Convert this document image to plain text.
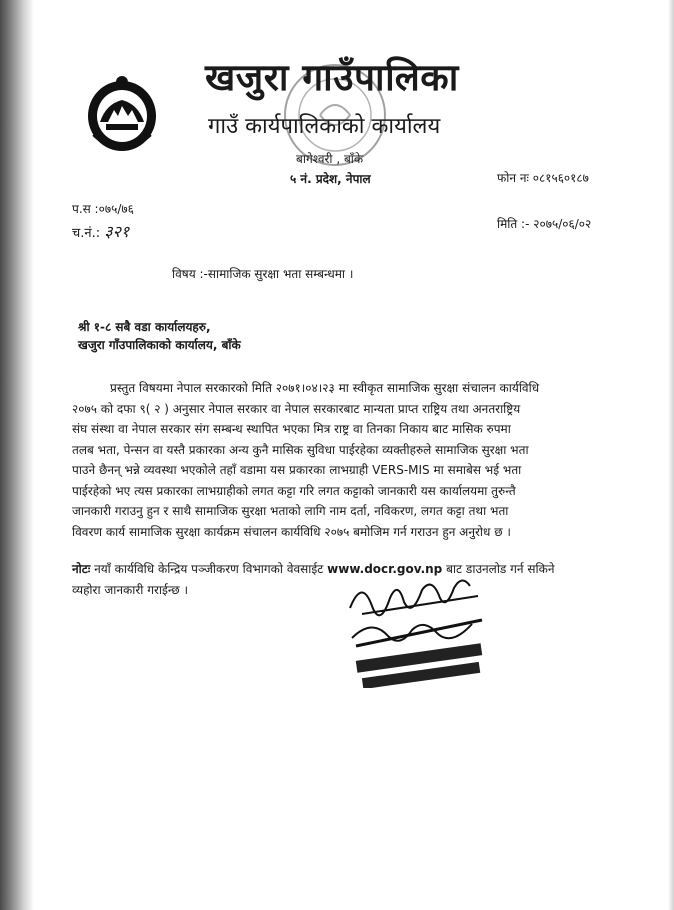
खजुरा गाउँपालिका
गाउँ कार्यपालिकाको कार्यालय
बागेश्वरी , बाँके
५ नं. प्रदेश, नेपाल	फोन नः ०८१५६०१८७
प.स :०७५/७६
च.नं.: ३२१	मिति :- २०७५/०६/०२
विषय :-सामाजिक सुरक्षा भता सम्बन्धमा ।
श्री १-८ सबै वडा कार्यालयहरु,
खजुरा गाँउपालिकाको कार्यालय, बाँके
प्रस्तुत विषयमा नेपाल सरकारको मिति २०७१।०४।२३ मा स्वीकृत सामाजिक सुरक्षा संचालन कार्यविधि
२०७५ को दफा ९( २ ) अनुसार नेपाल सरकार वा नेपाल सरकारबाट मान्यता प्राप्त राष्ट्रिय तथा अनतराष्ट्रिय
संघ संस्था वा नेपाल सरकार संग सम्बन्ध स्थापित भएका मित्र राष्ट्र वा तिनका निकाय बाट मासिक रुपमा
तलब भता, पेन्सन वा यस्तै प्रकारका अन्य कुनै मासिक सुविधा पाईरहेका व्यक्तीहरुले सामाजिक सुरक्षा भता
पाउने छैनन् भन्ने व्यवस्था भएकोले तहाँ वडामा यस प्रकारका लाभग्राही VERS-MIS मा समाबेस भई भता
पाईरहेको भए त्यस प्रकारका लाभग्राहीको लगत कट्टा गरि लगत कट्टाको जानकारी यस कार्यालयमा तुरुन्तै
जानकारी गराउनु हुन र साथै सामाजिक सुरक्षा भताको लागि नाम दर्ता, नविकरण, लगत कट्टा तथा भता
विवरण कार्य सामाजिक सुरक्षा कार्यक्रम संचालन कार्यविधि २०७५ बमोजिम गर्न गराउन हुन अनुरोध छ ।
नोटः नयाँ कार्यविधि केन्द्रिय पञ्जीकरण विभागको वेवसाईट www.docr.gov.np बाट डाउनलोड गर्न सकिने
व्यहोरा जानकारी गराईन्छ ।
